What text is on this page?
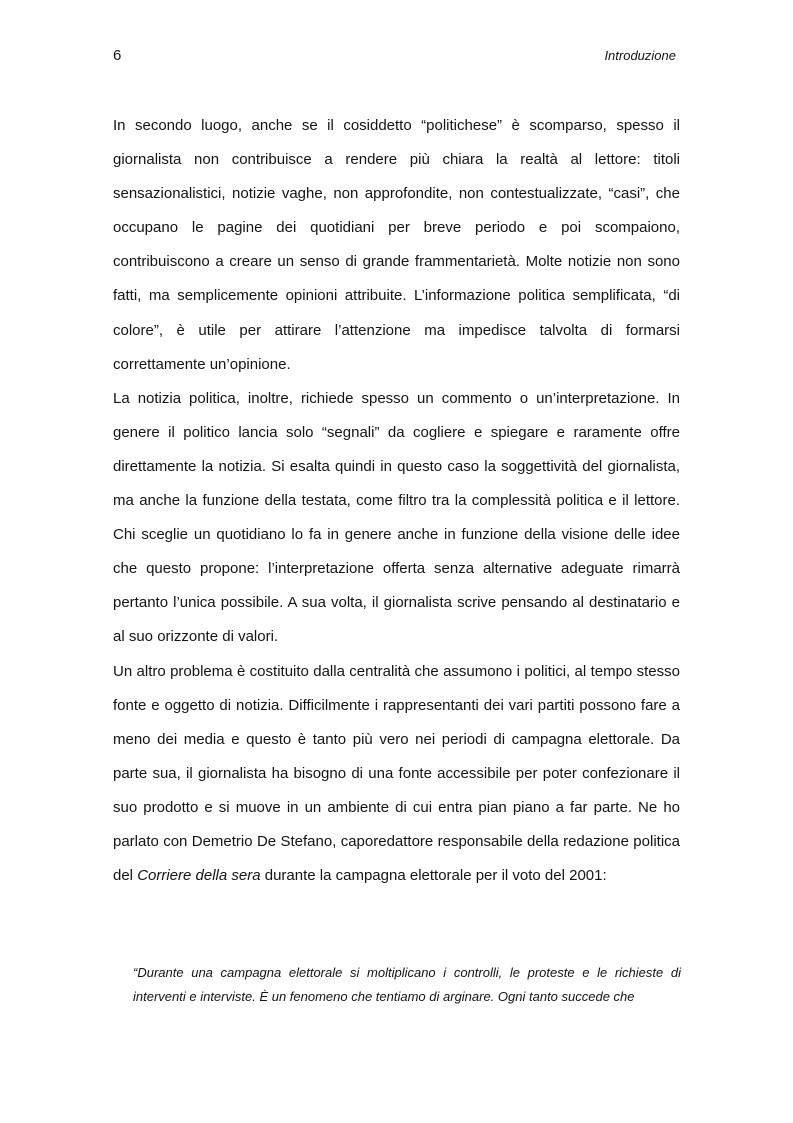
6	Introduzione

In secondo luogo, anche se il cosiddetto “politichese” è scomparso, spesso il giornalista non contribuisce a rendere più chiara la realtà al lettore: titoli sensazionalistici, notizie vaghe, non approfondite, non contestualizzate, “casi”, che occupano le pagine dei quotidiani per breve periodo e poi scompaiono, contribuiscono a creare un senso di grande frammentarietà. Molte notizie non sono fatti, ma semplicemente opinioni attribuite. L’informazione politica semplificata, “di colore”, è utile per attirare l’attenzione ma impedisce talvolta di formarsi correttamente un’opinione.

La notizia politica, inoltre, richiede spesso un commento o un’interpretazione. In genere il politico lancia solo “segnali” da cogliere e spiegare e raramente offre direttamente la notizia. Si esalta quindi in questo caso la soggettività del giornalista, ma anche la funzione della testata, come filtro tra la complessità politica e il lettore. Chi sceglie un quotidiano lo fa in genere anche in funzione della visione delle idee che questo propone: l’interpretazione offerta senza alternative adeguate rimarrà pertanto l’unica possibile. A sua volta, il giornalista scrive pensando al destinatario e al suo orizzonte di valori.

Un altro problema è costituito dalla centralità che assumono i politici, al tempo stesso fonte e oggetto di notizia. Difficilmente i rappresentanti dei vari partiti possono fare a meno dei media e questo è tanto più vero nei periodi di campagna elettorale. Da parte sua, il giornalista ha bisogno di una fonte accessibile per poter confezionare il suo prodotto e si muove in un ambiente di cui entra pian piano a far parte. Ne ho parlato con Demetrio De Stefano, caporedattore responsabile della redazione politica del Corriere della sera durante la campagna elettorale per il voto del 2001:

“Durante una campagna elettorale si moltiplicano i controlli, le proteste e le richieste di interventi e interviste. È un fenomeno che tentiamo di arginare. Ogni tanto succede che
